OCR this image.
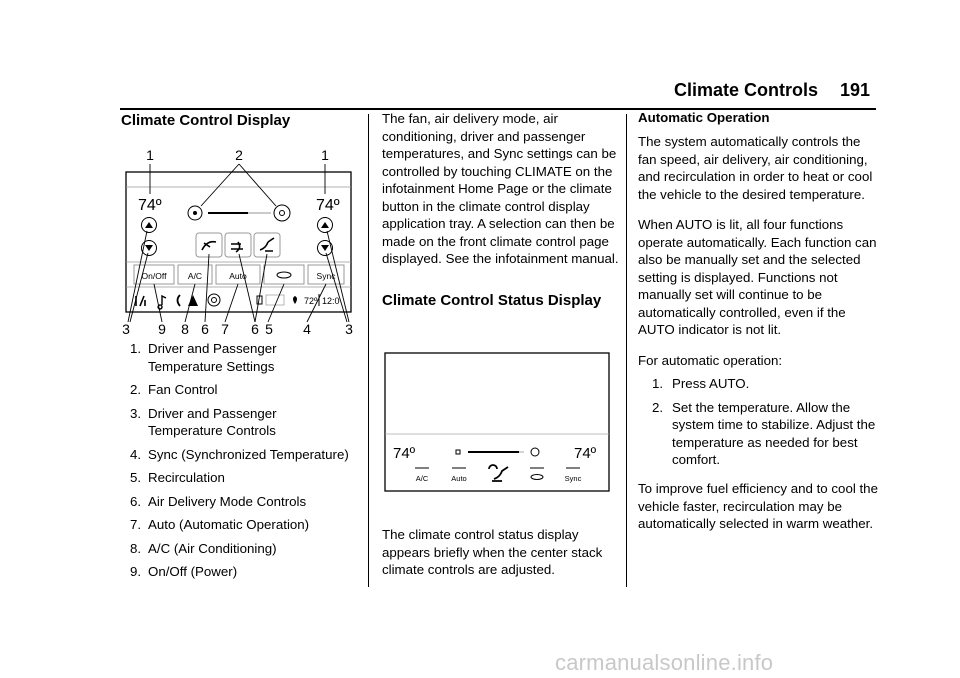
Climate Controls 191
Climate Control Display
1	2	1
74º	74º
On/Off	A/C	Auto	Sync
72º 12:0
3 9 8 6 7 6 5 4 3
1. Driver and Passenger Temperature Settings
2. Fan Control
3. Driver and Passenger Temperature Controls
4. Sync (Synchronized Temperature)
5. Recirculation
6. Air Delivery Mode Controls
7. Auto (Automatic Operation)
8. A/C (Air Conditioning)
9. On/Off (Power)
The fan, air delivery mode, air conditioning, driver and passenger temperatures, and Sync settings can be controlled by touching CLIMATE on the infotainment Home Page or the climate button in the climate control display application tray. A selection can then be made on the front climate control page displayed. See the infotainment manual.
Climate Control Status Display
74º	74º
A/C	Auto	Sync
The climate control status display appears briefly when the center stack climate controls are adjusted.
Automatic Operation
The system automatically controls the fan speed, air delivery, air conditioning, and recirculation in order to heat or cool the vehicle to the desired temperature.
When AUTO is lit, all four functions operate automatically. Each function can also be manually set and the selected setting is displayed. Functions not manually set will continue to be automatically controlled, even if the AUTO indicator is not lit.
For automatic operation:
1. Press AUTO.
2. Set the temperature. Allow the system time to stabilize. Adjust the temperature as needed for best comfort.
To improve fuel efficiency and to cool the vehicle faster, recirculation may be automatically selected in warm weather.
carmanualsonline.info
